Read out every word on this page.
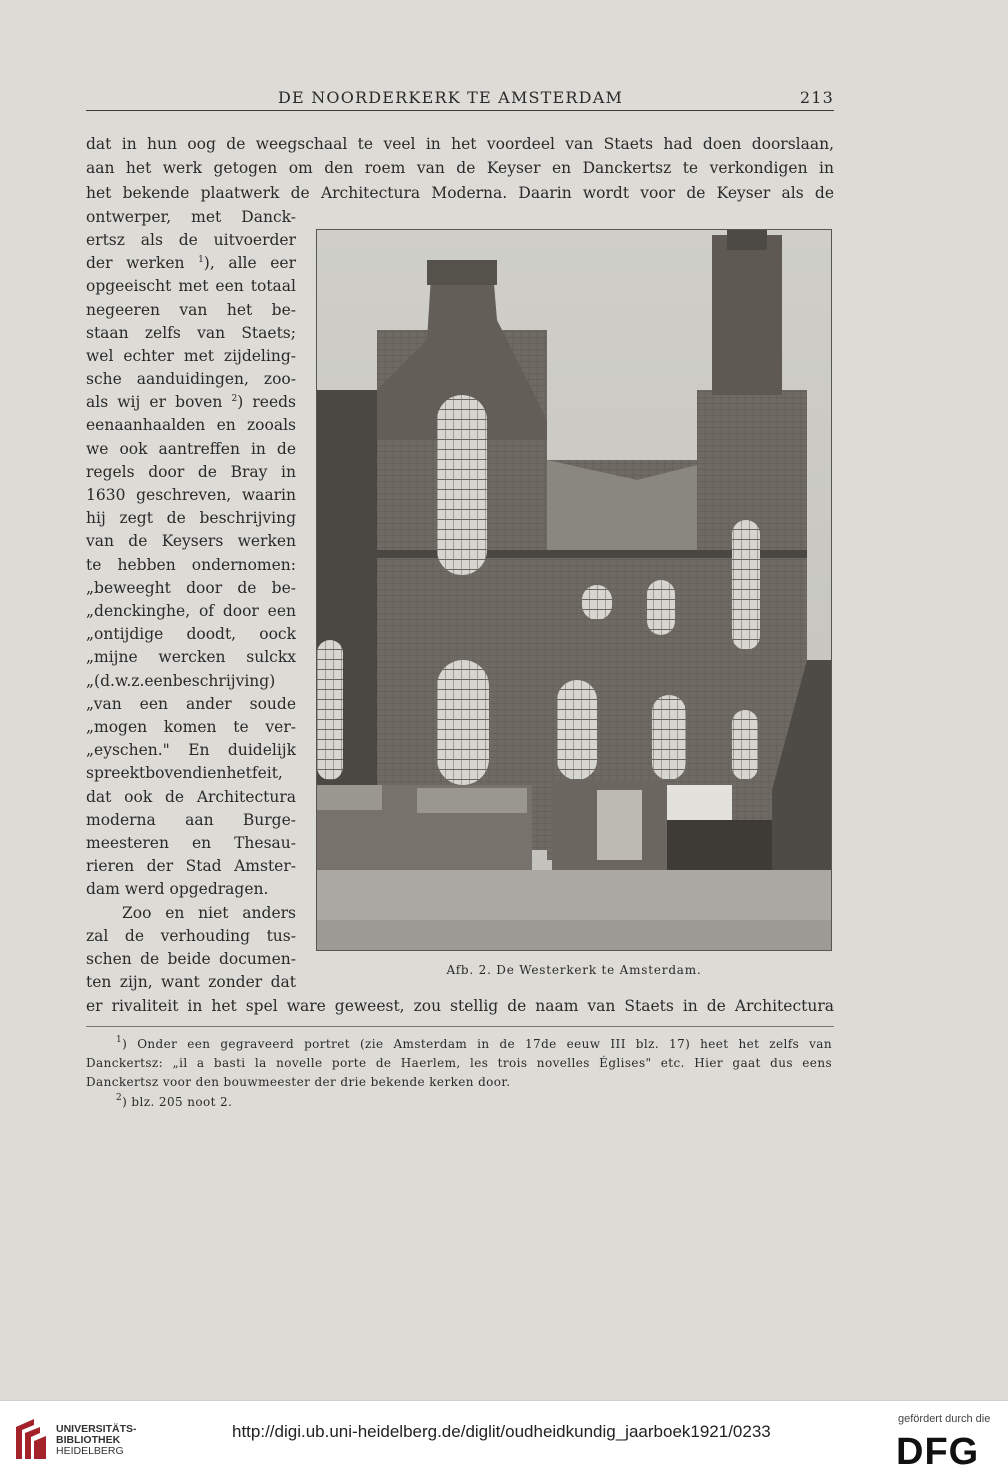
DE NOORDERKERK TE AMSTERDAM	213
dat in hun oog de weegschaal te veel in het voordeel van Staets had doen doorslaan,
aan het werk getogen om den roem van de Keyser en Danckertsz te verkondigen in
het bekende plaatwerk de Architectura Moderna. Daarin wordt voor de Keyser als de
ontwerper, met Danck-
ertsz als de uitvoerder
der werken $^1$), alle eer
opgeeischt met een totaal
negeeren van het be-
staan zelfs van Staets;
wel echter met zijdeling-
sche aanduidingen, zoo-
als wij er boven $^2$) reeds
eenaanhaalden en zooals
we ook aantreffen in de
regels door de Bray in
1630 geschreven, waarin
hij zegt de beschrijving
van de Keysers werken
te hebben ondernomen:
„beweeght door de be-
„denckinghe, of door een
„ontijdige doodt, oock
„mijne wercken sulckx
„(d.w.z.eenbeschrijving)
„van een ander soude
„mogen komen te ver-
„eyschen." En duidelijk
spreektbovendienhetfeit,
dat ook de Architectura
moderna aan Burge-
meesteren en Thesau-
rieren der Stad Amster-
dam werd opgedragen.
Zoo en niet anders
zal de verhouding tus-
schen de beide documen-
ten zijn, want zonder dat
er rivaliteit in het spel ware geweest, zou stellig de naam van Staets in de Architectura
Afb. 2. De Westerkerk te Amsterdam.
$^1$) Onder een gegraveerd portret (zie Amsterdam in de 17de eeuw III blz. 17) heet het zelfs van
Danckertsz: „il a basti la novelle porte de Haerlem, les trois novelles Églises" etc. Hier gaat dus eens
Danckertsz voor den bouwmeester der drie bekende kerken door.
$^2$) blz. 205 noot 2.
UNIVERSITÄTS-
BIBLIOTHEK
HEIDELBERG
http://digi.ub.uni-heidelberg.de/diglit/oudheidkundig_jaarboek1921/0233
gefördert durch die
DFG
